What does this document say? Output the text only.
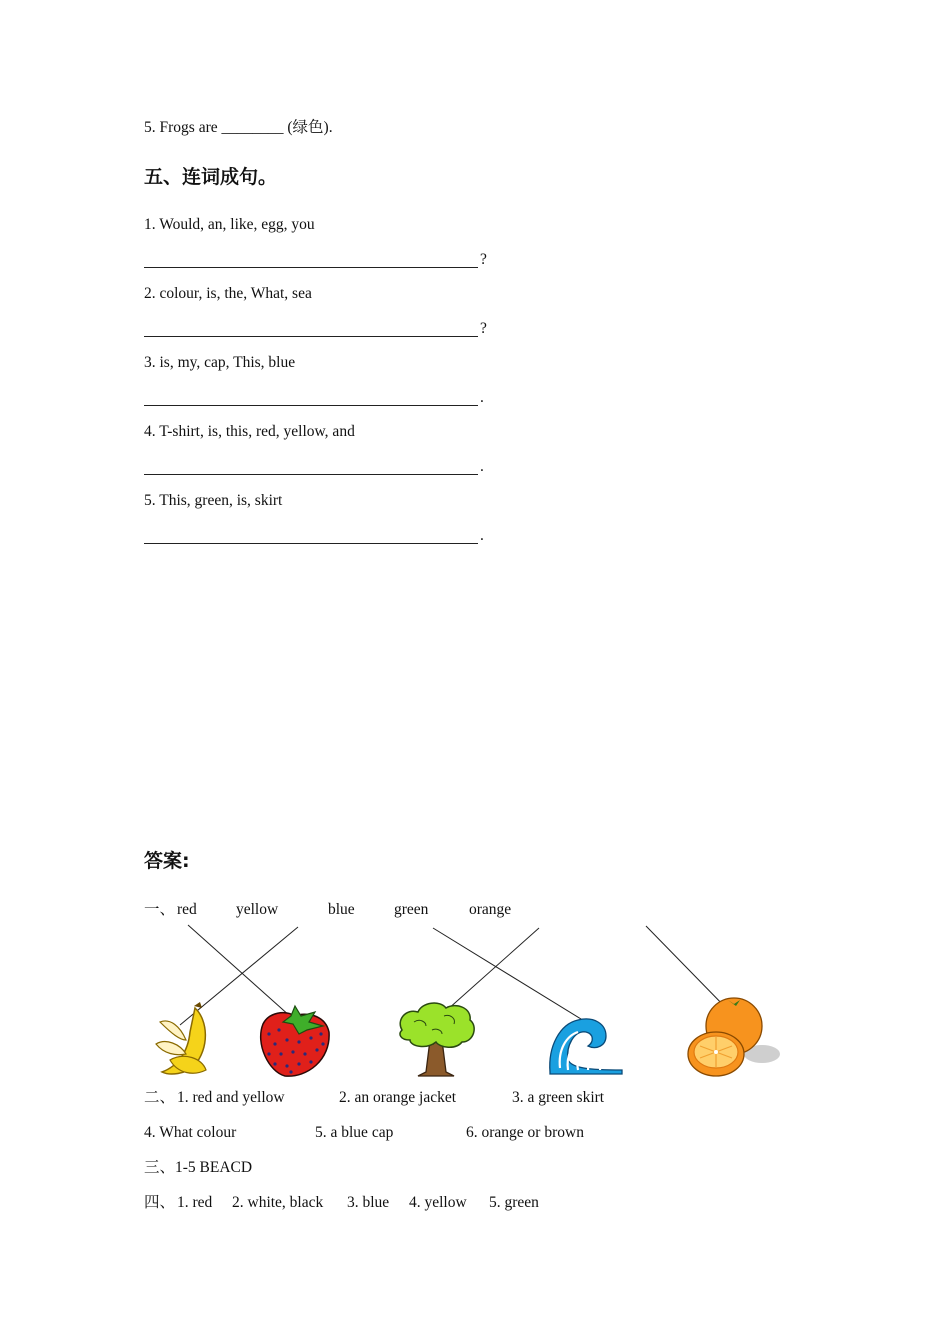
5. Frogs are ________ (绿色).
五、连词成句。
1. Would, an, like, egg, you
?
2. colour, is, the, What, sea
?
3. is, my, cap, This, blue
.
4. T-shirt, is, this, red, yellow, and
.
5. This, green, is, skirt
.
答案:
一、 red	yellow	blue	green	orange
二、 1. red and yellow	2. an orange jacket	3. a green skirt
4. What colour	5. a blue cap	6. orange or brown
三、1-5 BEACD
四、 1. red 2. white, black 3. blue 4. yellow 5. green
